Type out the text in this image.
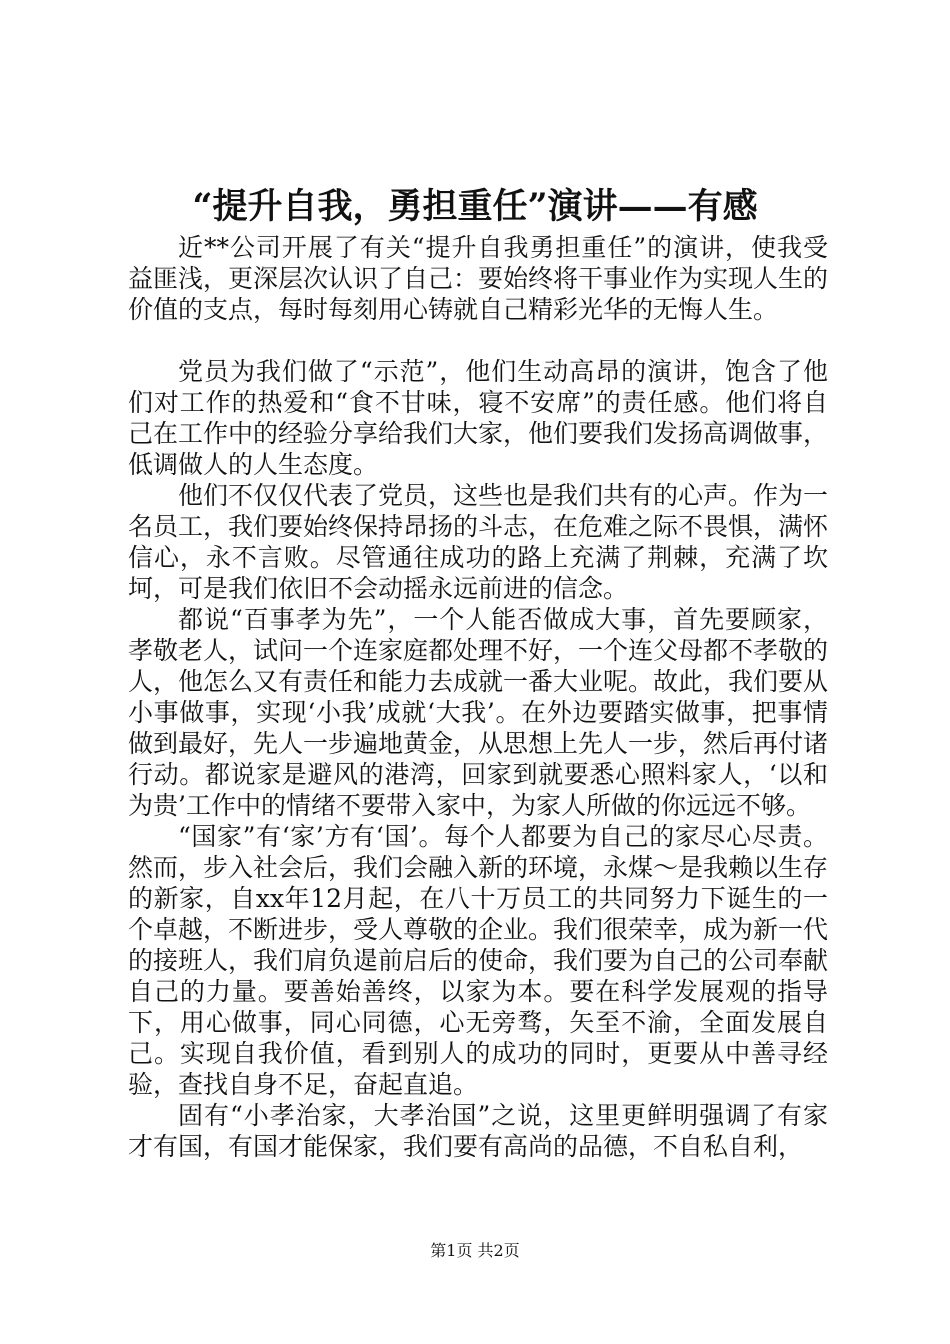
“提升自我，勇担重任”演讲——有感

近**公司开展了有关“提升自我勇担重任”的演讲，使我受益匪浅，更深层次认识了自己：要始终将干事业作为实现人生的价值的支点，每时每刻用心铸就自己精彩光华的无悔人生。

党员为我们做了“示范”，他们生动高昂的演讲，饱含了他们对工作的热爱和“食不甘味，寝不安席”的责任感。他们将自己在工作中的经验分享给我们大家，他们要我们发扬高调做事，低调做人的人生态度。

他们不仅仅代表了党员，这些也是我们共有的心声。作为一名员工，我们要始终保持昂扬的斗志，在危难之际不畏惧，满怀信心，永不言败。尽管通往成功的路上充满了荆棘，充满了坎坷，可是我们依旧不会动摇永远前进的信念。

都说“百事孝为先”，一个人能否做成大事，首先要顾家，孝敬老人，试问一个连家庭都处理不好，一个连父母都不孝敬的人，他怎么又有责任和能力去成就一番大业呢。故此，我们要从小事做事，实现‘小我’成就‘大我’。在外边要踏实做事，把事情做到最好，先人一步遍地黄金，从思想上先人一步，然后再付诸行动。都说家是避风的港湾，回家到就要悉心照料家人，‘以和为贵’工作中的情绪不要带入家中，为家人所做的你远远不够。

“国家”有‘家’方有‘国’。每个人都要为自己的家尽心尽责。然而，步入社会后，我们会融入新的环境，永煤～是我赖以生存的新家，自xx年12月起，在八十万员工的共同努力下诞生的一个卓越，不断进步，受人尊敬的企业。我们很荣幸，成为新一代的接班人，我们肩负遈前启后的使命，我们要为自己的公司奉献自己的力量。要善始善终，以家为本。要在科学发展观的指导下，用心做事，同心同德，心无旁骛，矢至不渝，全面发展自己。实现自我价值，看到别人的成功的同时，更要从中善寻经验，查找自身不足，奋起直追。

固有“小孝治家，大孝治国”之说，这里更鲜明强调了有家才有国，有国才能保家，我们要有高尚的品德，不自私自利，

第1页 共2页
